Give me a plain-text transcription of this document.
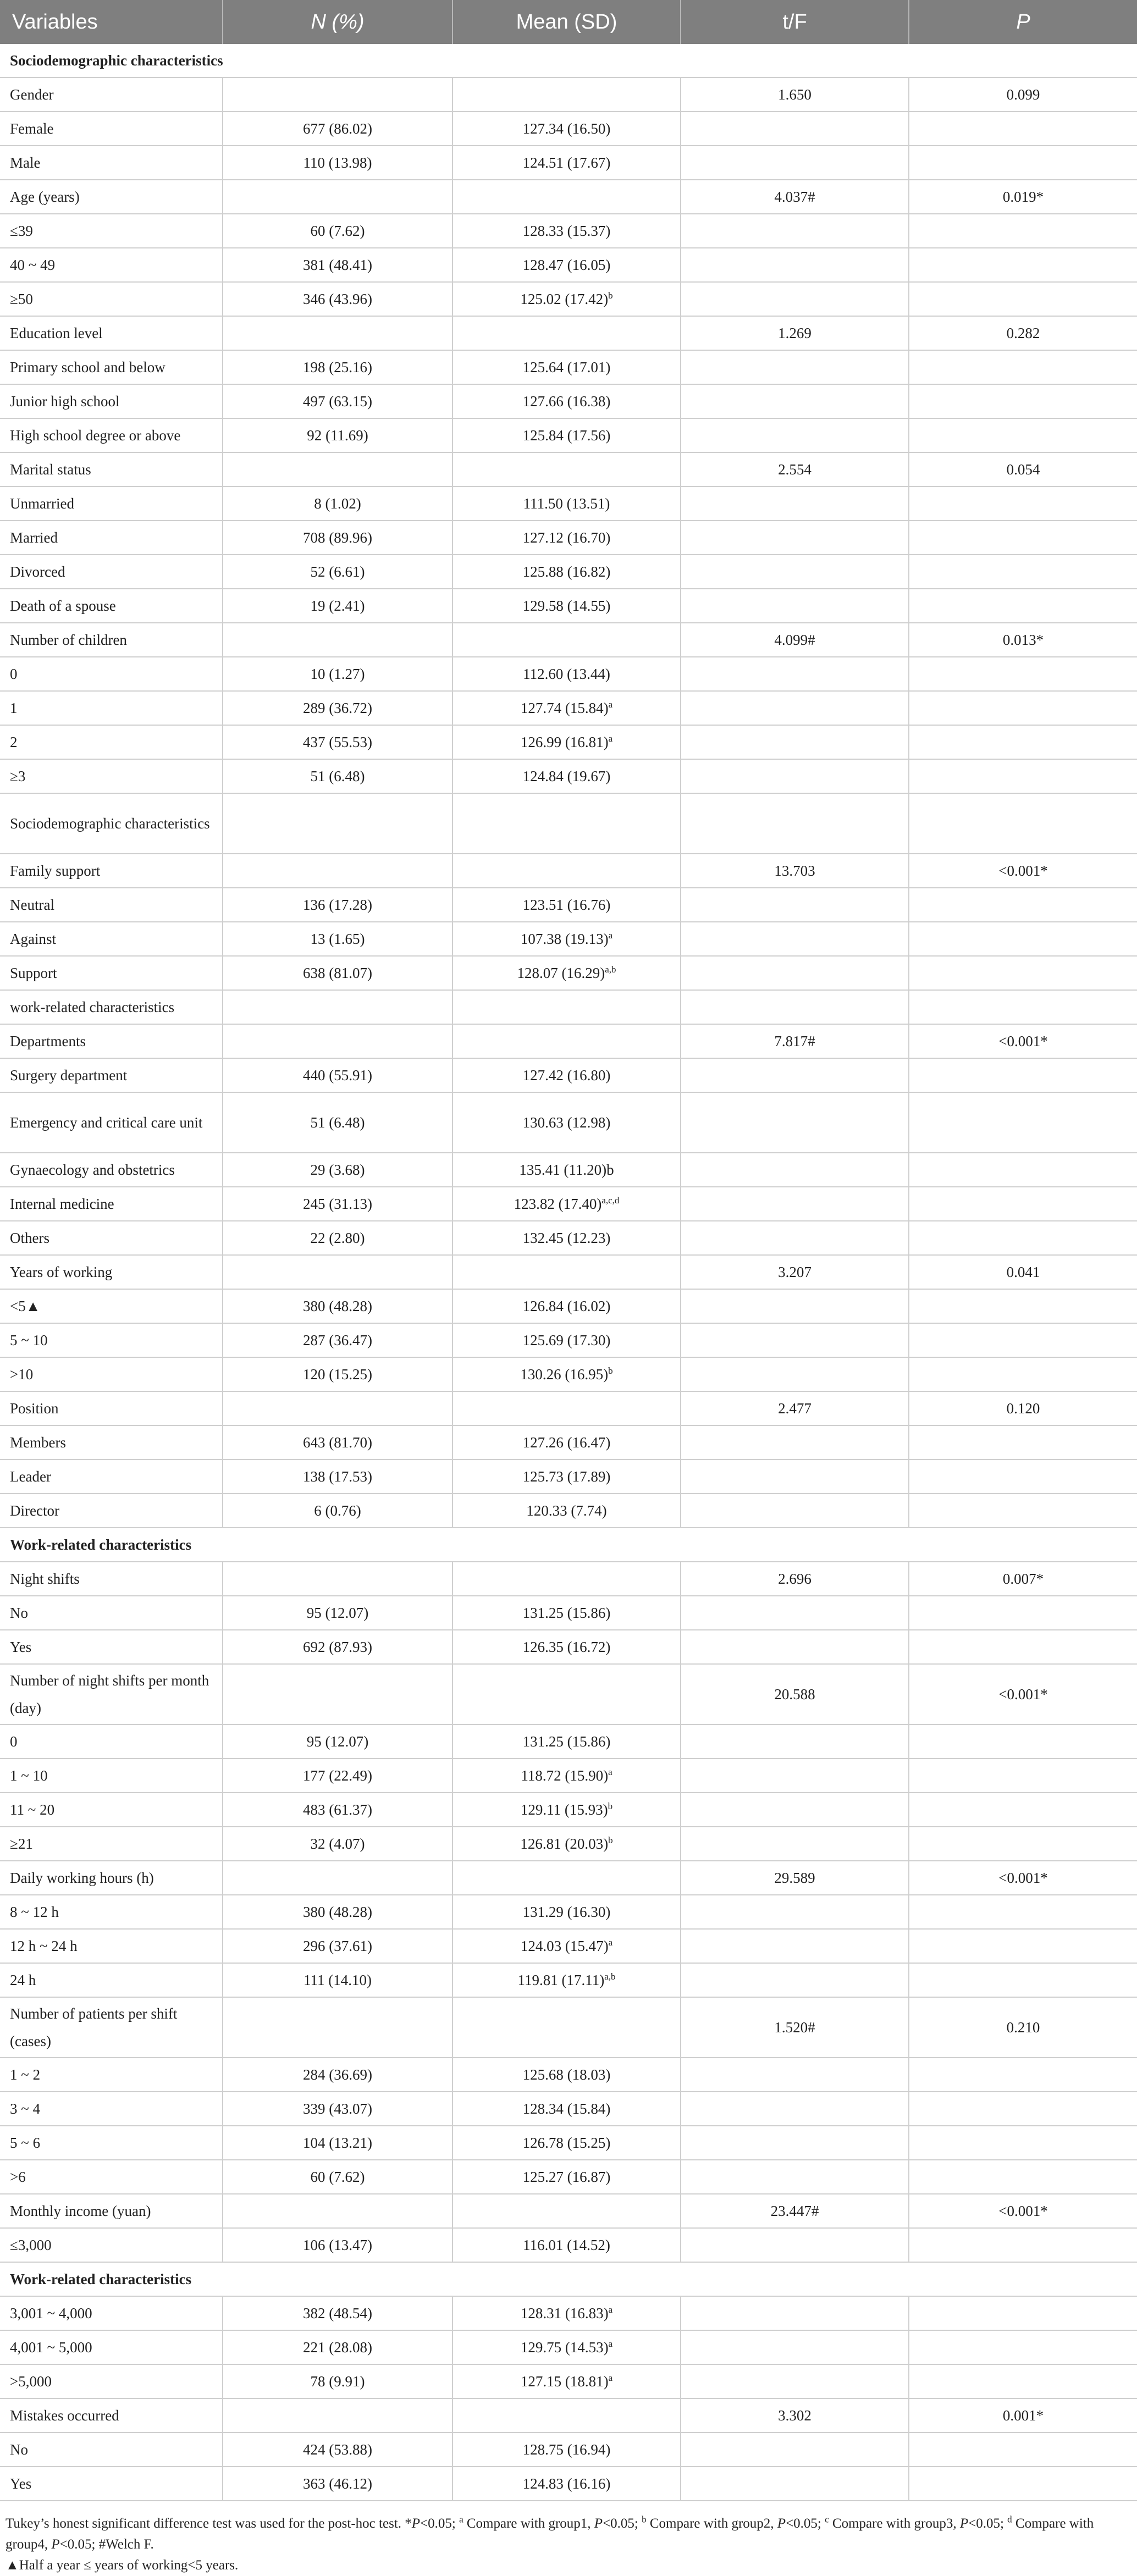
Variables	N (%)	Mean (SD)	t/F	P
Sociodemographic characteristics				
Gender			1.650	0.099
Female	677 (86.02)	127.34 (16.50)		
Male	110 (13.98)	124.51 (17.67)		
Age (years)			4.037#	0.019*
≤39	60 (7.62)	128.33 (15.37)		
40 ~ 49	381 (48.41)	128.47 (16.05)		
≥50	346 (43.96)	125.02 $(17.42)^b$		
Education level			1.269	0.282
Primary school and below	198 (25.16)	125.64 (17.01)		
Junior high school	497 (63.15)	127.66 (16.38)		
High school degree or above	92 (11.69)	125.84 (17.56)		
Marital status			2.554	0.054
Unmarried	8 (1.02)	111.50 (13.51)		
Married	708 (89.96)	127.12 (16.70)		
Divorced	52 (6.61)	125.88 (16.82)		
Death of a spouse	19 (2.41)	129.58 (14.55)		
Number of children			4.099#	0.013*
0	10 (1.27)	112.60 (13.44)		
1	289 (36.72)	127.74 $(15.84)^a$		
2	437 (55.53)	126.99 $(16.81)^a$		
≥3	51 (6.48)	124.84 (19.67)		
Sociodemographic characteristics				
Family support			13.703	<0.001*
Neutral	136 (17.28)	123.51 (16.76)		
Against	13 (1.65)	107.38 $(19.13)^a$		
Support	638 (81.07)	128.07 $(16.29)^{a,b}$		
work-related characteristics				
Departments			7.817#	<0.001*
Surgery department	440 (55.91)	127.42 (16.80)		
Emergency and critical care unit	51 (6.48)	130.63 (12.98)		
Gynaecology and obstetrics	29 (3.68)	135.41 (11.20)b		
Internal medicine	245 (31.13)	123.82 $(17.40)^{a,c,d}$		
Others	22 (2.80)	132.45 (12.23)		
Years of working			3.207	0.041
<5▲	380 (48.28)	126.84 (16.02)		
5 ~ 10	287 (36.47)	125.69 (17.30)		
>10	120 (15.25)	130.26 $(16.95)^b$		
Position			2.477	0.120
Members	643 (81.70)	127.26 (16.47)		
Leader	138 (17.53)	125.73 (17.89)		
Director	6 (0.76)	120.33 (7.74)		
Work-related characteristics				
Night shifts			2.696	0.007*
No	95 (12.07)	131.25 (15.86)		
Yes	692 (87.93)	126.35 (16.72)		
Number of night shifts per month (day)			20.588	<0.001*
0	95 (12.07)	131.25 (15.86)		
1 ~ 10	177 (22.49)	118.72 $(15.90)^a$		
11 ~ 20	483 (61.37)	129.11 $(15.93)^b$		
≥21	32 (4.07)	126.81 $(20.03)^b$		
Daily working hours (h)			29.589	<0.001*
8 ~ 12 h	380 (48.28)	131.29 (16.30)		
12 h ~ 24 h	296 (37.61)	124.03 $(15.47)^a$		
24 h	111 (14.10)	119.81 $(17.11)^{a,b}$		
Number of patients per shift (cases)			1.520#	0.210
1 ~ 2	284 (36.69)	125.68 (18.03)		
3 ~ 4	339 (43.07)	128.34 (15.84)		
5 ~ 6	104 (13.21)	126.78 (15.25)		
>6	60 (7.62)	125.27 (16.87)		
Monthly income (yuan)			23.447#	<0.001*
≤3,000	106 (13.47)	116.01 (14.52)		
Work-related characteristics				
3,001 ~ 4,000	382 (48.54)	128.31 $(16.83)^a$		
4,001 ~ 5,000	221 (28.08)	129.75 $(14.53)^a$		
>5,000	78 (9.91)	127.15 $(18.81)^a$		
Mistakes occurred			3.302	0.001*
No	424 (53.88)	128.75 (16.94)		
Yes	363 (46.12)	124.83 (16.16)		
Tukey’s honest significant difference test was used for the post-hoc test. *P<0.05; $^a$ Compare with group1, P<0.05; $^b$ Compare with group2, P<0.05; $^c$ Compare with group3, P<0.05; $^d$ Compare with group4, P<0.05; #Welch F.
▲Half a year ≤ years of working<5 years.
